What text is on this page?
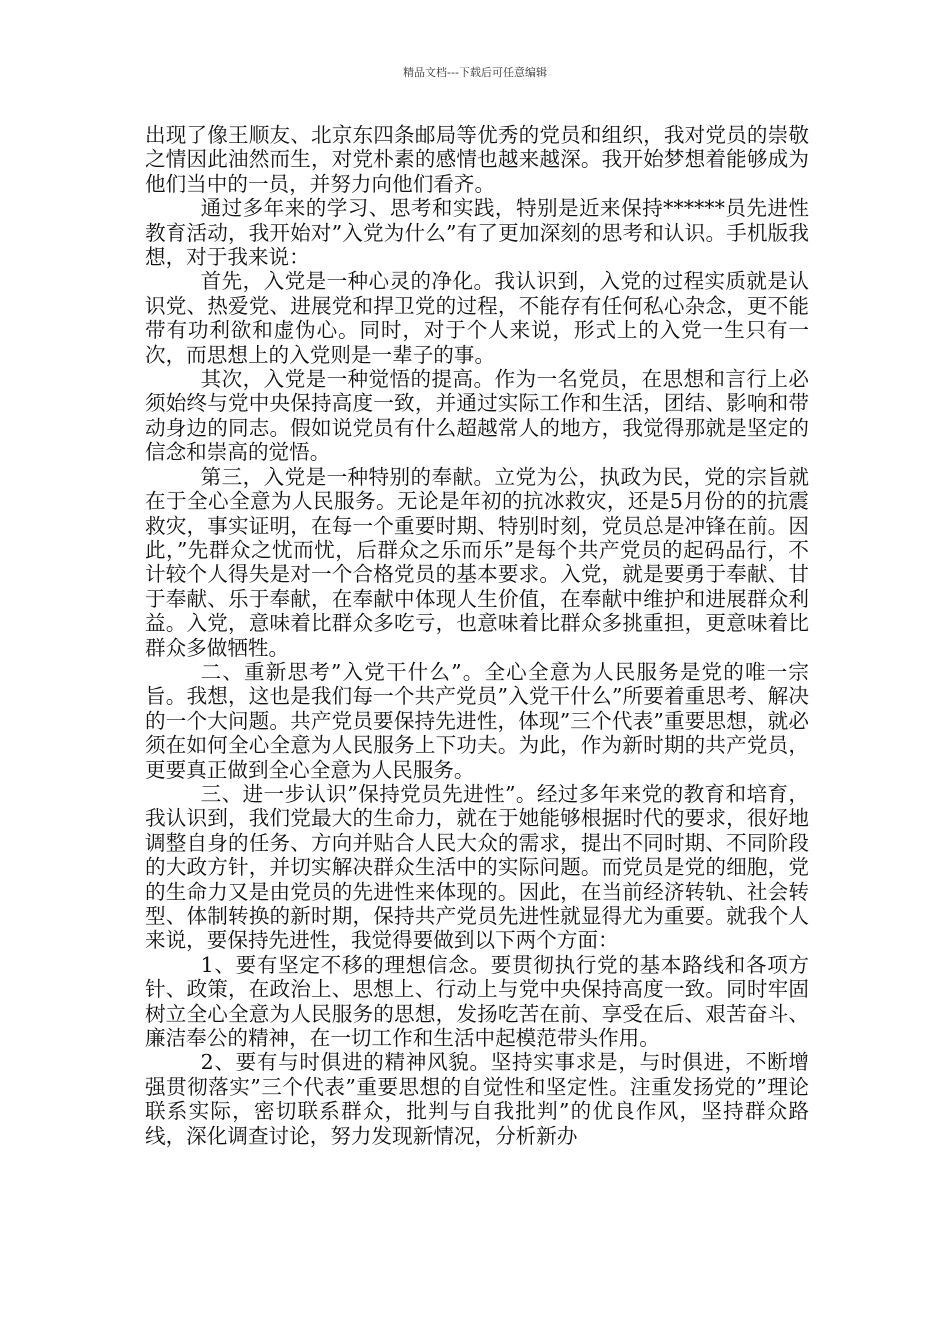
精品文档---下载后可任意编辑

出现了像王顺友、北京东四条邮局等优秀的党员和组织，我对党员的崇敬之情因此油然而生，对党朴素的感情也越来越深。我开始梦想着能够成为他们当中的一员，并努力向他们看齐。

通过多年来的学习、思考和实践，特别是近来保持******员先进性教育活动，我开始对”入党为什么”有了更加深刻的思考和认识。手机版我想，对于我来说：

首先，入党是一种心灵的净化。我认识到，入党的过程实质就是认识党、热爱党、进展党和捍卫党的过程，不能存有任何私心杂念，更不能带有功利欲和虚伪心。同时，对于个人来说，形式上的入党一生只有一次，而思想上的入党则是一辈子的事。

其次，入党是一种觉悟的提高。作为一名党员，在思想和言行上必须始终与党中央保持高度一致，并通过实际工作和生活，团结、影响和带动身边的同志。假如说党员有什么超越常人的地方，我觉得那就是坚定的信念和崇高的觉悟。

第三，入党是一种特别的奉献。立党为公，执政为民，党的宗旨就在于全心全意为人民服务。无论是年初的抗冰救灾，还是5月份的的抗震救灾，事实证明，在每一个重要时期、特别时刻，党员总是冲锋在前。因此，”先群众之忧而忧，后群众之乐而乐”是每个共产党员的起码品行，不计较个人得失是对一个合格党员的基本要求。入党，就是要勇于奉献、甘于奉献、乐于奉献，在奉献中体现人生价值，在奉献中维护和进展群众利益。入党，意味着比群众多吃亏，也意味着比群众多挑重担，更意味着比群众多做牺牲。

二、重新思考”入党干什么”。全心全意为人民服务是党的唯一宗旨。我想，这也是我们每一个共产党员”入党干什么”所要着重思考、解决的一个大问题。共产党员要保持先进性，体现”三个代表”重要思想，就必须在如何全心全意为人民服务上下功夫。为此，作为新时期的共产党员，更要真正做到全心全意为人民服务。

三、进一步认识”保持党员先进性”。经过多年来党的教育和培育，我认识到，我们党最大的生命力，就在于她能够根据时代的要求，很好地调整自身的任务、方向并贴合人民大众的需求，提出不同时期、不同阶段的大政方针，并切实解决群众生活中的实际问题。而党员是党的细胞，党的生命力又是由党员的先进性来体现的。因此，在当前经济转轨、社会转型、体制转换的新时期，保持共产党员先进性就显得尤为重要。就我个人来说，要保持先进性，我觉得要做到以下两个方面：

1、要有坚定不移的理想信念。要贯彻执行党的基本路线和各项方针、政策，在政治上、思想上、行动上与党中央保持高度一致。同时牢固树立全心全意为人民服务的思想，发扬吃苦在前、享受在后、艰苦奋斗、廉洁奉公的精神，在一切工作和生活中起模范带头作用。

2、要有与时俱进的精神风貌。坚持实事求是，与时俱进，不断增强贯彻落实”三个代表”重要思想的自觉性和坚定性。注重发扬党的”理论联系实际，密切联系群众，批判与自我批判”的优良作风，坚持群众路线，深化调查讨论，努力发现新情况，分析新办
